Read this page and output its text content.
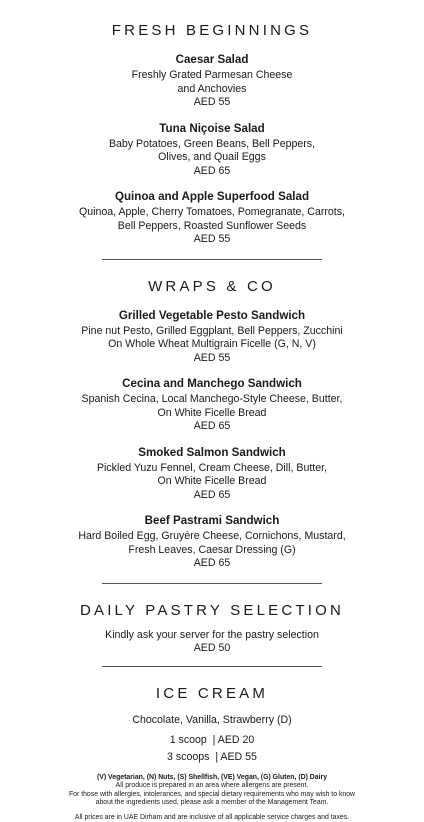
FRESH BEGINNINGS
Caesar Salad
Freshly Grated Parmesan Cheese
and Anchovies
AED 55
Tuna Niçoise Salad
Baby Potatoes, Green Beans, Bell Peppers,
Olives, and Quail Eggs
AED 65
Quinoa and Apple Superfood Salad
Quinoa, Apple, Cherry Tomatoes, Pomegranate, Carrots,
Bell Peppers, Roasted Sunflower Seeds
AED 55
WRAPS & CO
Grilled Vegetable Pesto Sandwich
Pine nut Pesto, Grilled Eggplant, Bell Peppers, Zucchini
On Whole Wheat Multigrain Ficelle (G, N, V)
AED 55
Cecina and Manchego Sandwich
Spanish Cecina, Local Manchego-Style Cheese, Butter,
On White Ficelle Bread
AED 65
Smoked Salmon Sandwich
Pickled Yuzu Fennel, Cream Cheese, Dill, Butter,
On White Ficelle Bread
AED 65
Beef Pastrami Sandwich
Hard Boiled Egg, Gruyère Cheese, Cornichons, Mustard,
Fresh Leaves, Caesar Dressing (G)
AED 65
DAILY PASTRY SELECTION
Kindly ask your server for the pastry selection
AED 50
ICE CREAM
Chocolate, Vanilla, Strawberry (D)
1 scoop  | AED 20
3 scoops  | AED 55
(V) Vegetarian, (N) Nuts, (S) Shellfish, (VE) Vegan, (G) Gluten, (D) Dairy
All produce is prepared in an area where allergens are present.
For those with allergies, intolerances, and special dietary requirements who may wish to know
about the ingredients used, please ask a member of the Management Team.
All prices are in UAE Dirham and are inclusive of all applicable service charges and taxes.
